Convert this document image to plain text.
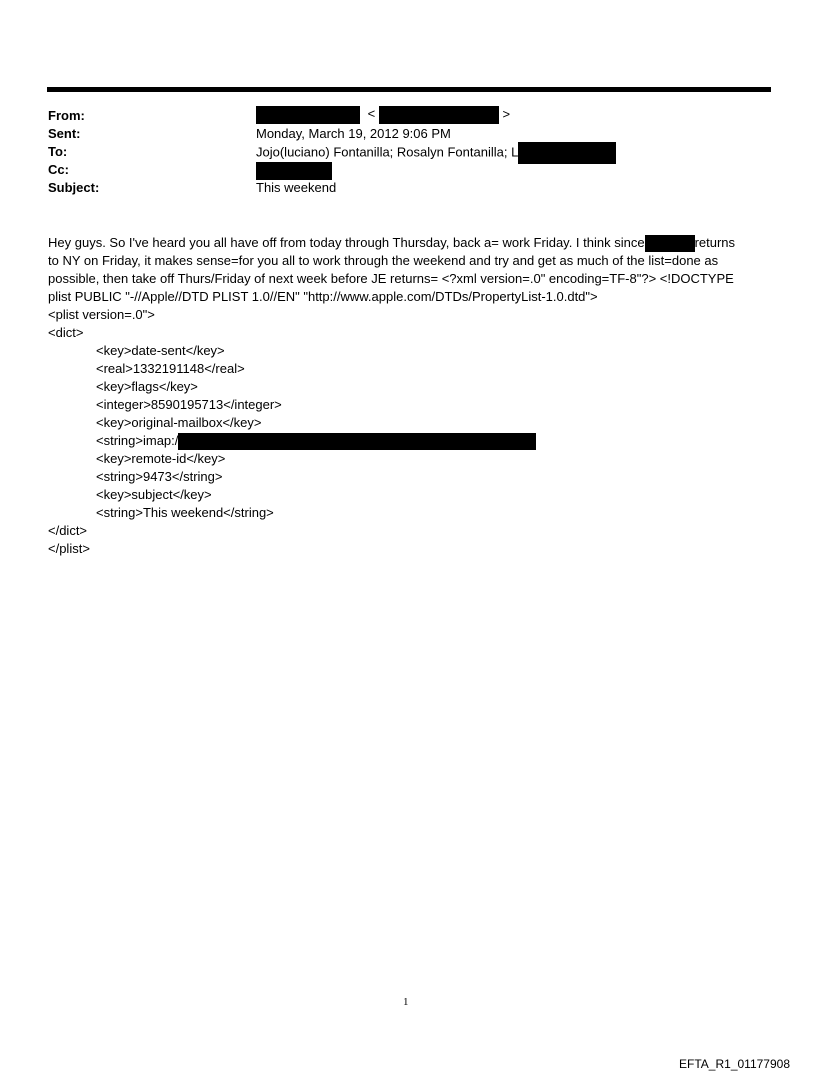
From:
Sent:
To:
Cc:
Subject:
<	>
Monday, March 19, 2012 9:06 PM
Jojo(luciano) Fontanilla; Rosalyn Fontanilla; L
This weekend
Hey guys. So I've heard you all have off from today through Thursday, back a= work Friday. I think since	returns
to NY on Friday, it makes sense=for you all to work through the weekend and try and get as much of the list=done as
possible, then take off Thurs/Friday of next week before JE returns= <?xml version=.0" encoding=TF-8"?> <!DOCTYPE
plist PUBLIC "-//Apple//DTD PLIST 1.0//EN" "http://www.apple.com/DTDs/PropertyList-1.0.dtd">
<plist version=.0">
<dict>
<key>date-sent</key>
<real>1332191148</real>
<key>flags</key>
<integer>8590195713</integer>
<key>original-mailbox</key>
<string>imap:/
<key>remote-id</key>
<string>9473</string>
<key>subject</key>
<string>This weekend</string>
</dict>
</plist>
1
EFTA_R1_01177908
